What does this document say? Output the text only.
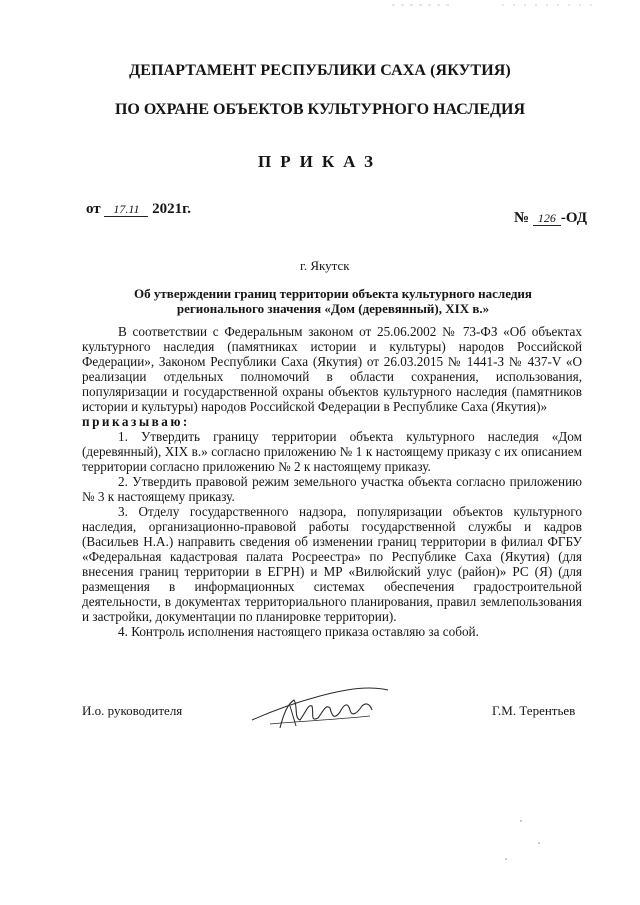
ДЕПАРТАМЕНТ РЕСПУБЛИКИ САХА (ЯКУТИЯ)
ПО ОХРАНЕ ОБЪЕКТОВ КУЛЬТУРНОГО НАСЛЕДИЯ
ПРИКАЗ
от 17.11 2021г.
№ 126 -ОД
г. Якутск
Об утверждении границ территории объекта культурного наследия регионального значения «Дом (деревянный), XIX в.»

В соответствии с Федеральным законом от 25.06.2002 № 73-ФЗ «Об объектах культурного наследия (памятниках истории и культуры) народов Российской Федерации», Законом Республики Саха (Якутия) от 26.03.2015 № 1441-З № 437-V «О реализации отдельных полномочий в области сохранения, использования, популяризации и государственной охраны объектов культурного наследия (памятников истории и культуры) народов Российской Федерации в Республике Саха (Якутия)»

приказываю:

1. Утвердить границу территории объекта культурного наследия «Дом (деревянный), XIX в.» согласно приложению № 1 к настоящему приказу с их описанием территории согласно приложению № 2 к настоящему приказу.

2. Утвердить правовой режим земельного участка объекта согласно приложению № 3 к настоящему приказу.

3. Отделу государственного надзора, популяризации объектов культурного наследия, организационно-правовой работы государственной службы и кадров (Васильев Н.А.) направить сведения об изменении границ территории в филиал ФГБУ «Федеральная кадастровая палата Росреестра» по Республике Саха (Якутия) (для внесения границ территории в ЕГРН) и МР «Вилюйский улус (район)» РС (Я) (для размещения в информационных системах обеспечения градостроительной деятельности, в документах территориального планирования, правил землепользования и застройки, документации по планировке территории).

4. Контроль исполнения настоящего приказа оставляю за собой.

И.о. руководителя	Г.М. Терентьев
